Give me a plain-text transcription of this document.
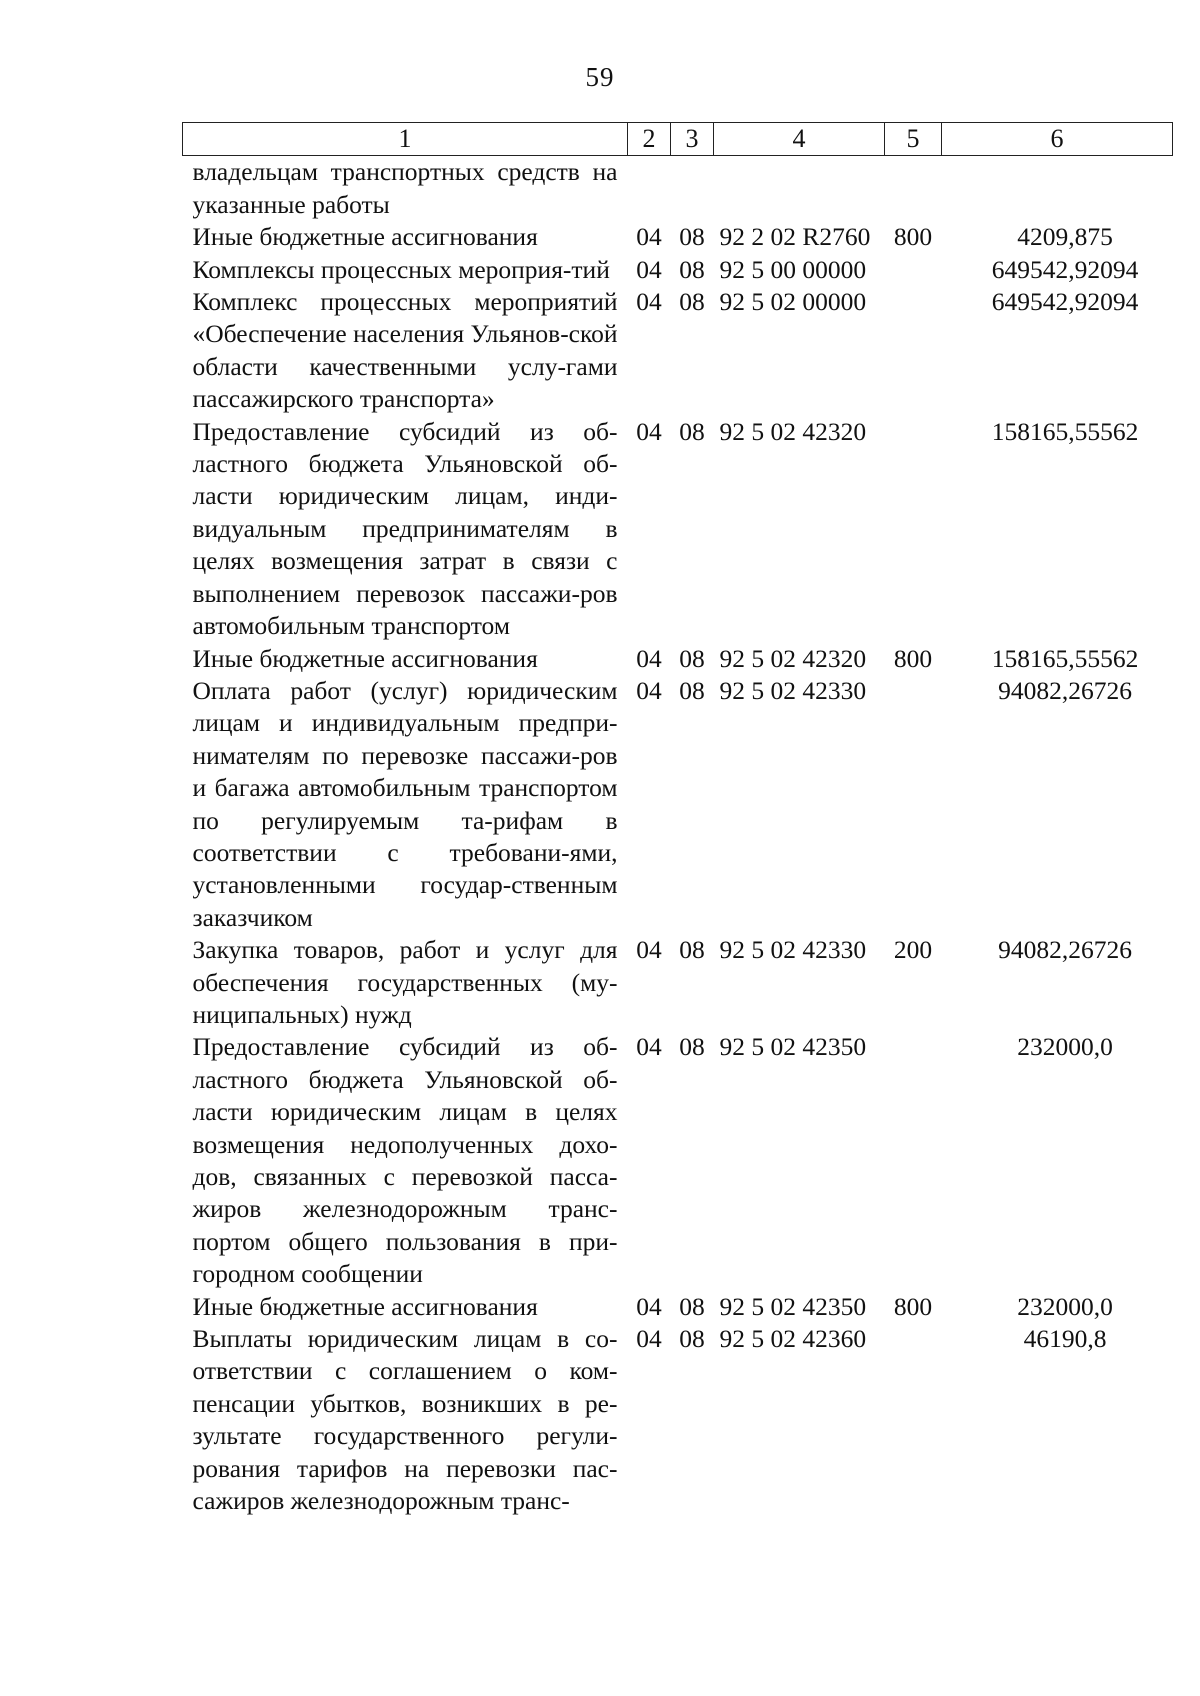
59
1	2	3	4	5	6
владельцам транспортных средств на указанные работы					
Иные бюджетные ассигнования	04	08	92 2 02 R2760	800	4209,875
Комплексы процессных мероприя-тий	04	08	92 5 00 00000		649542,92094
Комплекс процессных мероприятий «Обеспечение населения Ульянов-ской области качественными услу-гами пассажирского транспорта»	04	08	92 5 02 00000		649542,92094
Предоставление субсидий из об-ластного бюджета Ульяновской об-ласти юридическим лицам, инди-видуальным предпринимателям в целях возмещения затрат в связи с выполнением перевозок пассажи-ров автомобильным транспортом	04	08	92 5 02 42320		158165,55562
Иные бюджетные ассигнования	04	08	92 5 02 42320	800	158165,55562
Оплата работ (услуг) юридическим лицам и индивидуальным предпри-нимателям по перевозке пассажи-ров и багажа автомобильным транспортом по регулируемым та-рифам в соответствии с требовани-ями, установленными государ-ственным заказчиком	04	08	92 5 02 42330		94082,26726
Закупка товаров, работ и услуг для обеспечения государственных (му-ниципальных) нужд	04	08	92 5 02 42330	200	94082,26726
Предоставление субсидий из об-ластного бюджета Ульяновской об-ласти юридическим лицам в целях возмещения недополученных дохо-дов, связанных с перевозкой пасса-жиров железнодорожным транс-портом общего пользования в при-городном сообщении	04	08	92 5 02 42350		232000,0
Иные бюджетные ассигнования	04	08	92 5 02 42350	800	232000,0
Выплаты юридическим лицам в со-ответствии с соглашением о ком-пенсации убытков, возникших в ре-зультате государственного регули-рования тарифов на перевозки пас-сажиров железнодорожным транс-	04	08	92 5 02 42360		46190,8
